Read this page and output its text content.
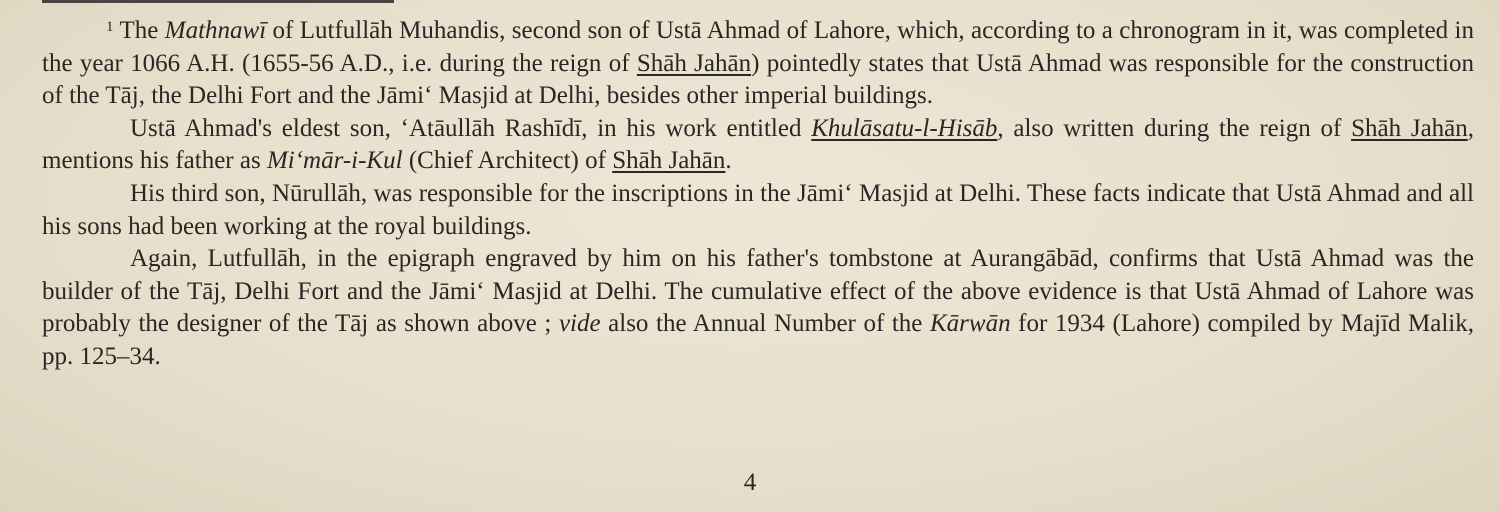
$^1$ The Mathnawī of Lutfullāh Muhandis, second son of Ustā Ahmad of Lahore, which, according to a chronogram in it, was completed in the year 1066 A.H. (1655-56 A.D., i.e. during the reign of Shāh Jahān) pointedly states that Ustā Ahmad was responsible for the construction of the Tāj, the Delhi Fort and the Jāmi‘ Masjid at Delhi, besides other imperial buildings.

Ustā Ahmad's eldest son, ‘Atāullāh Rashīdī, in his work entitled Khulāsatu-l-Hisāb, also written during the reign of Shāh Jahān, mentions his father as Mi‘mār-i-Kul (Chief Architect) of Shāh Jahān.

His third son, Nūrullāh, was responsible for the inscriptions in the Jāmi‘ Masjid at Delhi. These facts indicate that Ustā Ahmad and all his sons had been working at the royal buildings.

Again, Lutfullāh, in the epigraph engraved by him on his father's tombstone at Aurangābād, confirms that Ustā Ahmad was the builder of the Tāj, Delhi Fort and the Jāmi‘ Masjid at Delhi. The cumulative effect of the above evidence is that Ustā Ahmad of Lahore was probably the designer of the Tāj as shown above ; vide also the Annual Number of the Kārwān for 1934 (Lahore) compiled by Majīd Malik, pp. 125–34.

4
